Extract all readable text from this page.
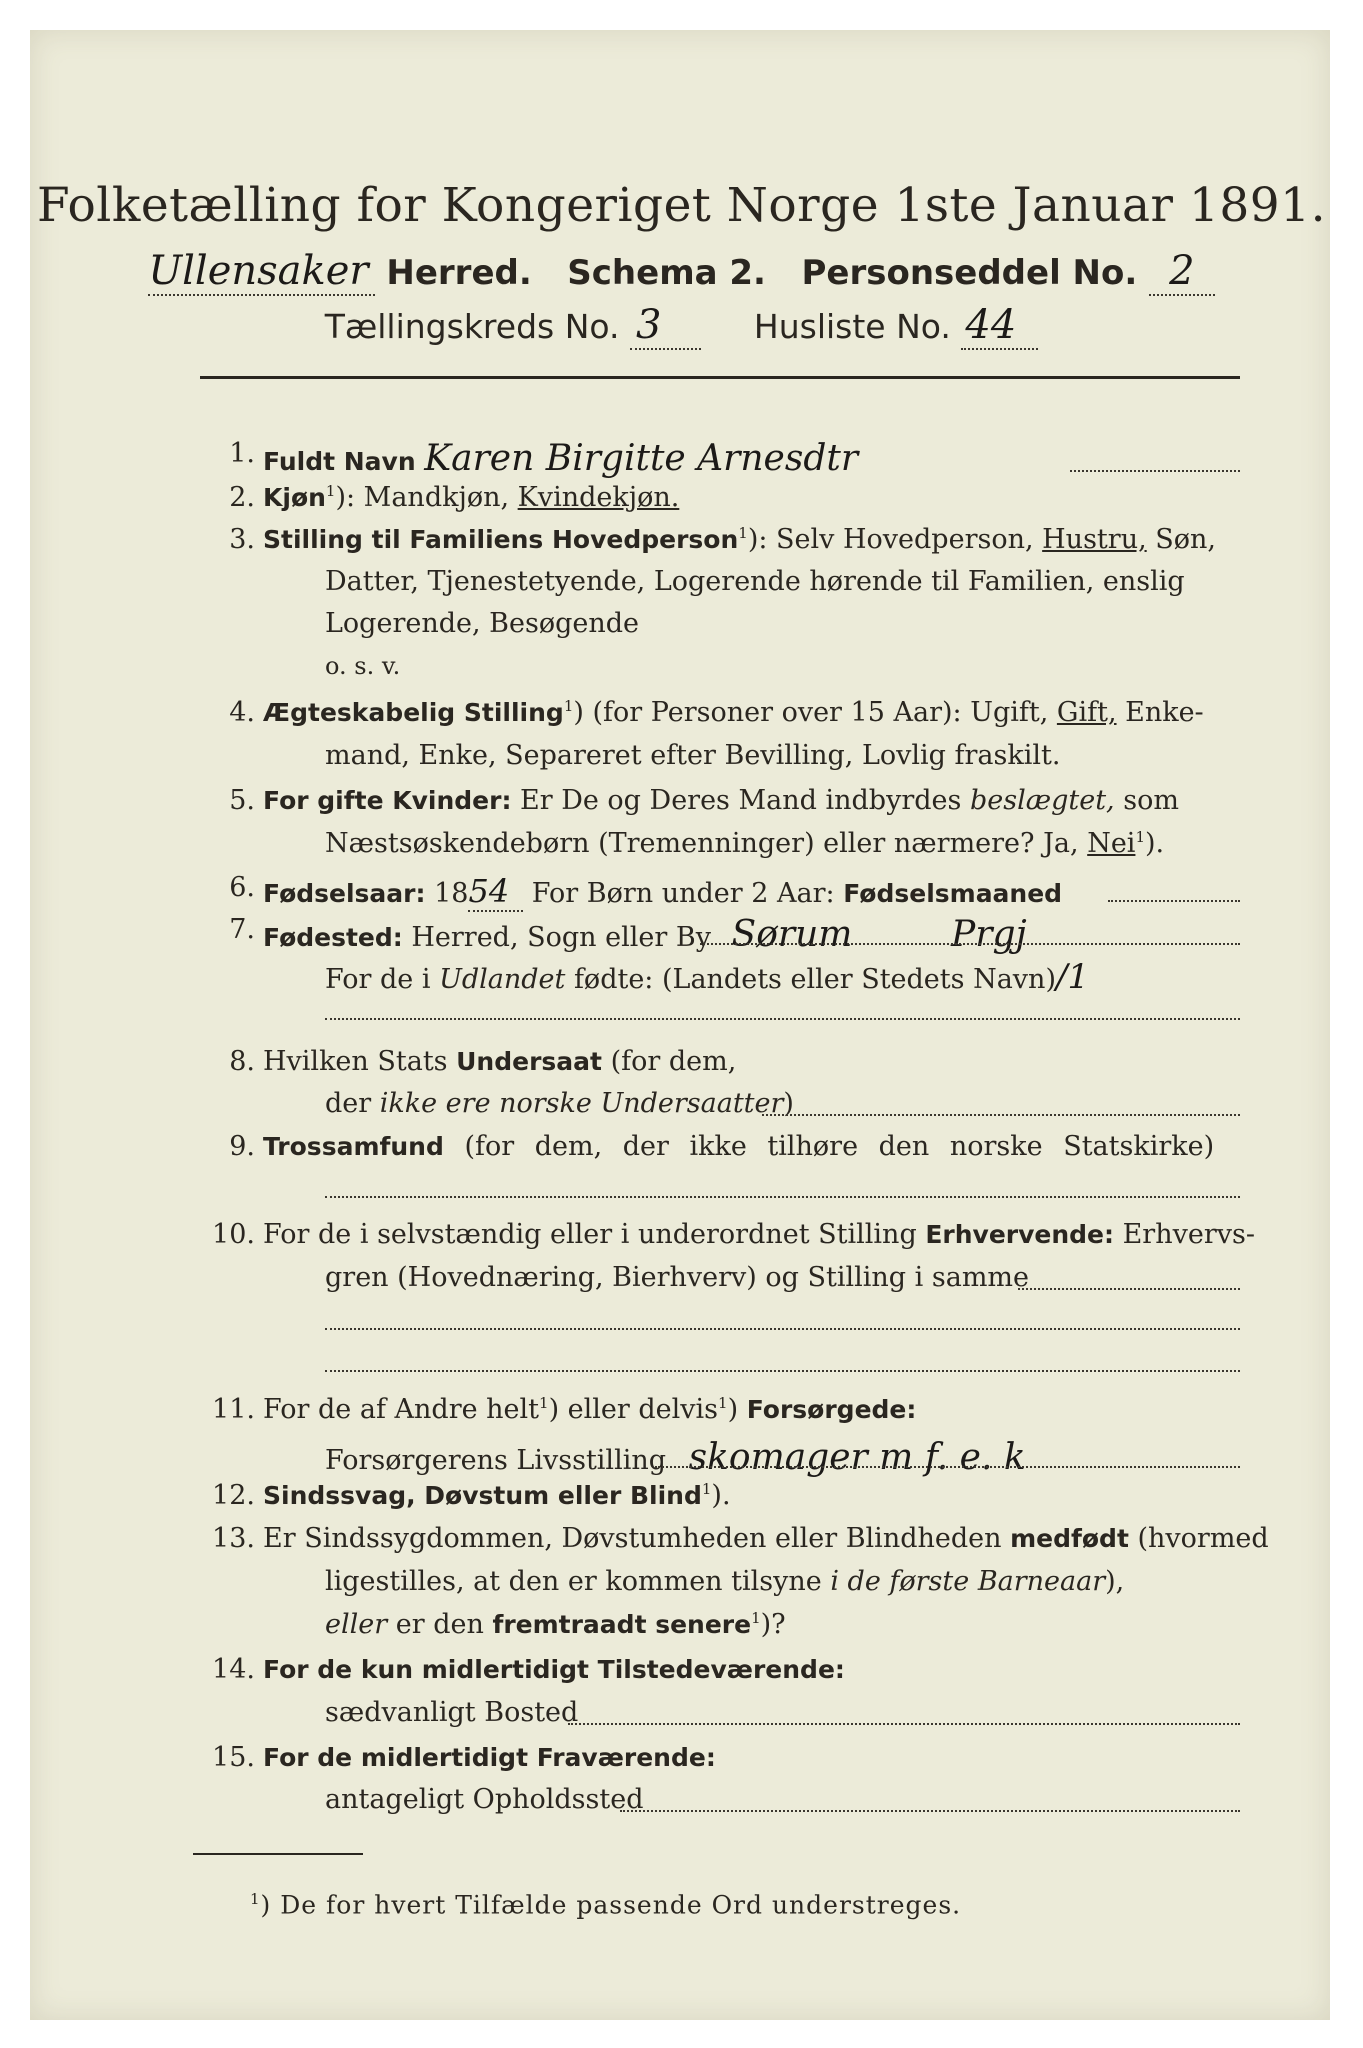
Folketælling for Kongeriget Norge 1ste Januar 1891.
Ullensaker Herred. Schema 2. Personseddel No. 2
Tællingskreds No. 3	Husliste No. 44
1. Fuldt Navn Karen Birgitte Arnesdtr
2. Kjøn$^1$): Mandkjøn, Kvindekjøn.
3. Stilling til Familiens Hovedperson$^1$): Selv Hovedperson, Hustru, Søn,
Datter, Tjenestetyende, Logerende hørende til Familien, enslig
Logerende, Besøgende
o. s. v.
4. Ægteskabelig Stilling$^1$) (for Personer over 15 Aar): Ugift, Gift, Enke-
mand, Enke, Separeret efter Bevilling, Lovlig fraskilt.
5. For gifte Kvinder: Er De og Deres Mand indbyrdes beslægtet, som
Næstsøskendebørn (Tremenninger) eller nærmere? Ja, Nei$^1$).
6. Fødselsaar: 1854 For Børn under 2 Aar: Fødselsmaaned
7. Fødested: Herred, Sogn eller By Sørum	Prgj
For de i Udlandet fødte: (Landets eller Stedets Navn)/1
8. Hvilken Stats Undersaat (for dem,
der ikke ere norske Undersaatter)
9. Trossamfund (for dem, der ikke tilhøre den norske Statskirke)
10. For de i selvstændig eller i underordnet Stilling Erhvervende: Erhvervs-
gren (Hovednæring, Bierhverv) og Stilling i samme
11. For de af Andre helt$^1$) eller delvis$^1$) Forsørgede:
Forsørgerens Livsstilling skomager m f. e. k
12. Sindssvag, Døvstum eller Blind$^1$).
13. Er Sindssygdommen, Døvstumheden eller Blindheden medfødt (hvormed
ligestilles, at den er kommen tilsyne i de første Barneaar),
eller er den fremtraadt senere$^1$)?
14. For de kun midlertidigt Tilstedeværende:
sædvanligt Bosted
15. For de midlertidigt Fraværende:
antageligt Opholdssted
$^1$) De for hvert Tilfælde passende Ord understreges.
